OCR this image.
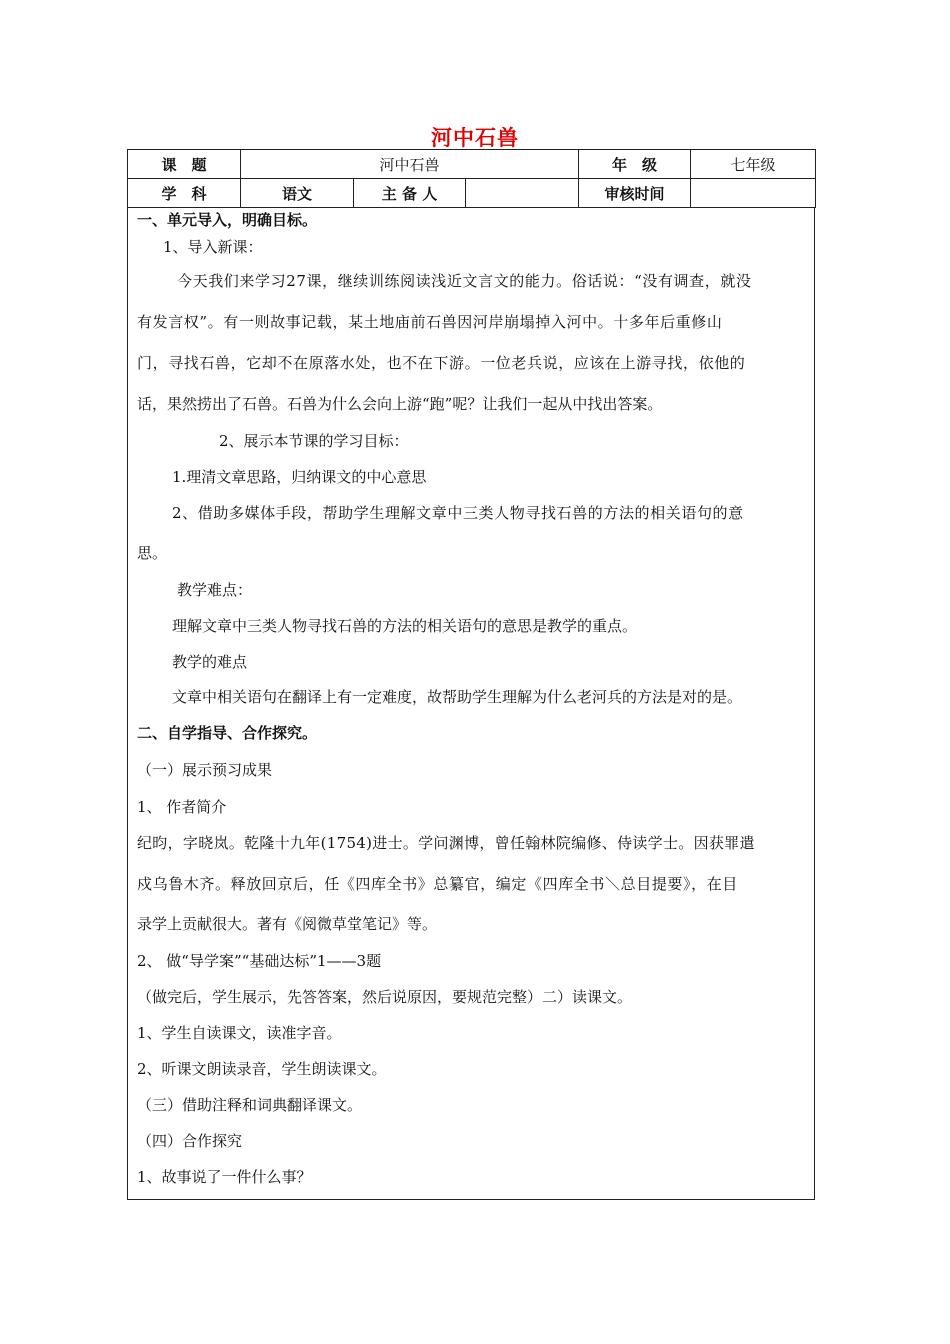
河中石兽
课　题	河中石兽			年　级	七年级
学　科	语文	主 备 人		审核时间	
一、单元导入，明确目标。
1、导入新课：
今天我们来学习27课，继续训练阅读浅近文言文的能力。俗话说：“没有调查，就没
有发言权”。有一则故事记载，某土地庙前石兽因河岸崩塌掉入河中。十多年后重修山
门，寻找石兽，它却不在原落水处，也不在下游。一位老兵说，应该在上游寻找，依他的
话，果然捞出了石兽。石兽为什么会向上游“跑”呢？让我们一起从中找出答案。
2、展示本节课的学习目标：
1.理清文章思路，归纳课文的中心意思
2、借助多媒体手段，帮助学生理解文章中三类人物寻找石兽的方法的相关语句的意
思。
教学难点：
理解文章中三类人物寻找石兽的方法的相关语句的意思是教学的重点。
教学的难点
文章中相关语句在翻译上有一定难度，故帮助学生理解为什么老河兵的方法是对的是。
二、自学指导、合作探究。
（一）展示预习成果
1、 作者简介
纪昀，字晓岚。乾隆十九年(1754)进士。学问渊博，曾任翰林院编修、侍读学士。因获罪遣
戍乌鲁木齐。释放回京后，任《四库全书》总纂官，编定《四库全书＼总目提要》，在目
录学上贡献很大。著有《阅微草堂笔记》等。
2、 做“导学案”“基础达标”1——3题
（做完后，学生展示，先答答案，然后说原因，要规范完整）二）读课文。
1、学生自读课文，读准字音。
2、听课文朗读录音，学生朗读课文。
（三）借助注释和词典翻译课文。
（四）合作探究
1、故事说了一件什么事？
